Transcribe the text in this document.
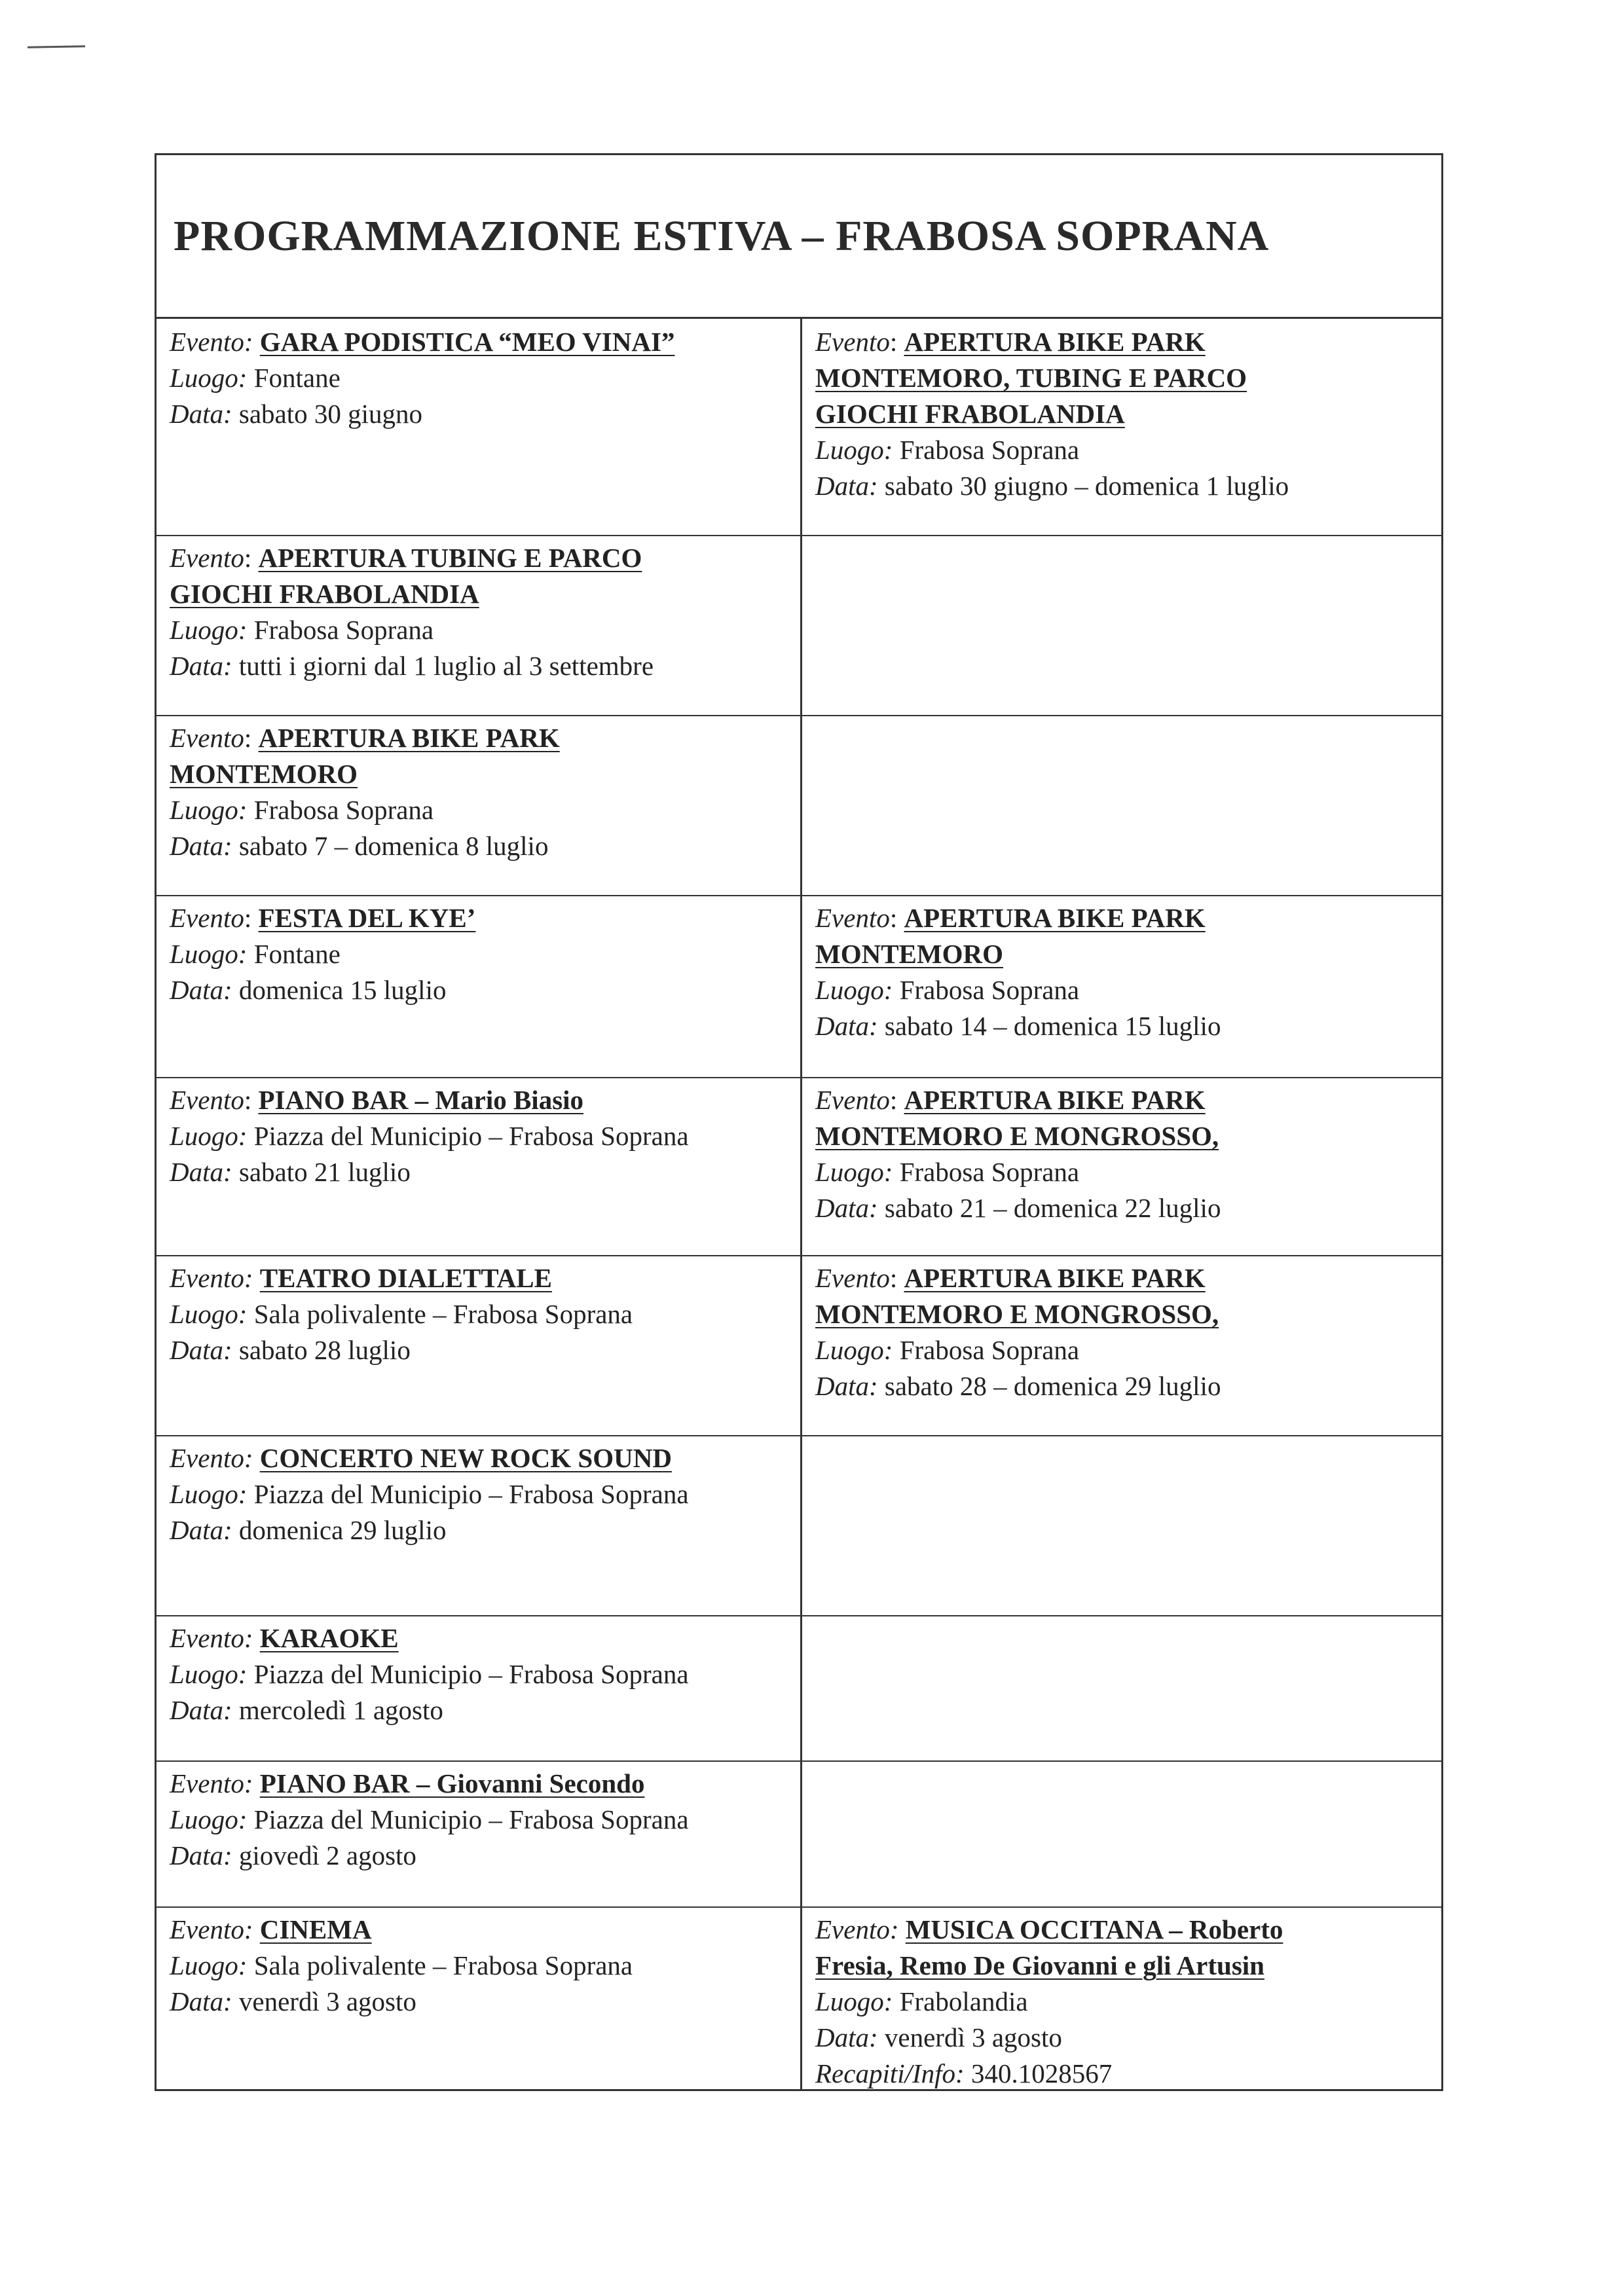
PROGRAMMAZIONE ESTIVA – FRABOSA SOPRANA
Evento: GARA PODISTICA “MEO VINAI”
Luogo: Fontane
Data: sabato 30 giugno
Evento: APERTURA BIKE PARK
MONTEMORO, TUBING E PARCO
GIOCHI FRABOLANDIA
Luogo: Frabosa Soprana
Data: sabato 30 giugno – domenica 1 luglio
Evento: APERTURA TUBING E PARCO
GIOCHI FRABOLANDIA
Luogo: Frabosa Soprana
Data: tutti i giorni dal 1 luglio al 3 settembre
Evento: APERTURA BIKE PARK
MONTEMORO
Luogo: Frabosa Soprana
Data: sabato 7 – domenica 8 luglio
Evento: FESTA DEL KYE’
Luogo: Fontane
Data: domenica 15 luglio
Evento: APERTURA BIKE PARK
MONTEMORO
Luogo: Frabosa Soprana
Data: sabato 14 – domenica 15 luglio
Evento: PIANO BAR – Mario Biasio
Luogo: Piazza del Municipio – Frabosa Soprana
Data: sabato 21 luglio
Evento: APERTURA BIKE PARK
MONTEMORO E MONGROSSO,
Luogo: Frabosa Soprana
Data: sabato 21 – domenica 22 luglio
Evento: TEATRO DIALETTALE
Luogo: Sala polivalente – Frabosa Soprana
Data: sabato 28 luglio
Evento: APERTURA BIKE PARK
MONTEMORO E MONGROSSO,
Luogo: Frabosa Soprana
Data: sabato 28 – domenica 29 luglio
Evento: CONCERTO NEW ROCK SOUND
Luogo: Piazza del Municipio – Frabosa Soprana
Data: domenica 29 luglio
Evento: KARAOKE
Luogo: Piazza del Municipio – Frabosa Soprana
Data: mercoledì 1 agosto
Evento: PIANO BAR – Giovanni Secondo
Luogo: Piazza del Municipio – Frabosa Soprana
Data: giovedì 2 agosto
Evento: CINEMA
Luogo: Sala polivalente – Frabosa Soprana
Data: venerdì 3 agosto
Evento: MUSICA OCCITANA – Roberto
Fresia, Remo De Giovanni e gli Artusin
Luogo: Frabolandia
Data: venerdì 3 agosto
Recapiti/Info: 340.1028567
